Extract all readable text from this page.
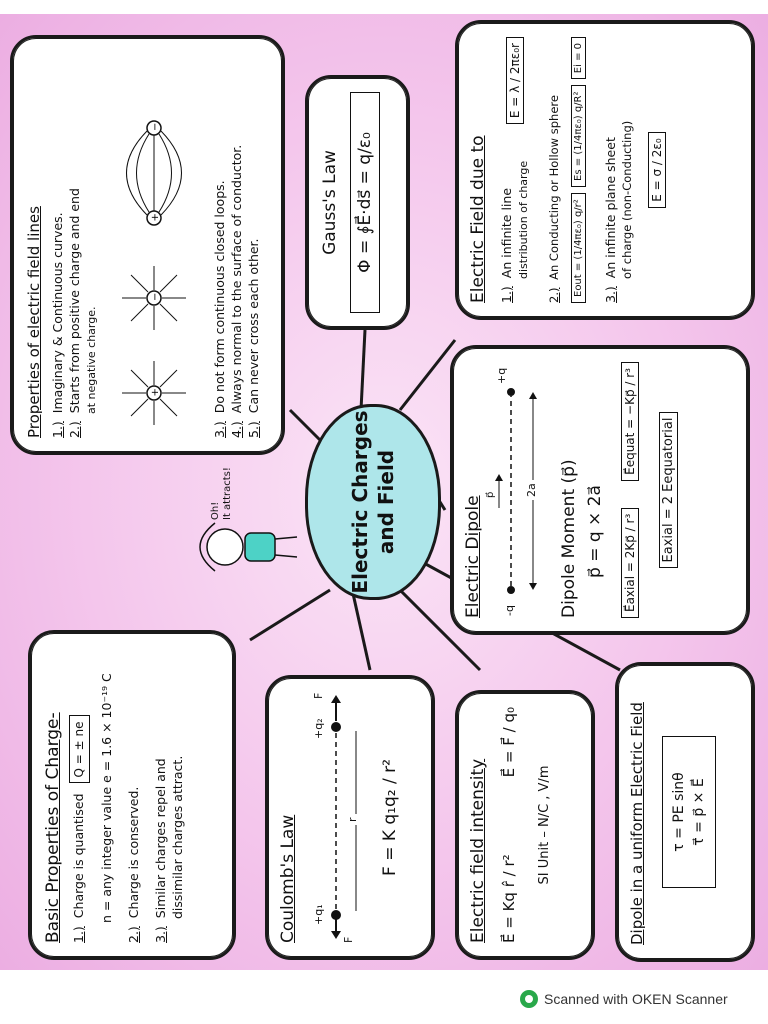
Electric Charges and Field
Oh! It attracts!
Basic Properties of Charge- 1.) Charge is quantised Q = ± ne	n = any integer value e = 1.6 × 10⁻¹⁹ C
2.) Charge is conserved.
3.) Similar charges repel and dissimilar charges attract.	Coulomb's Law	F
+q₁
+q₂
F
r F = K q₁q₂ / r²	Electric field intensity E⃗ = Kq r̂ / r²
E⃗ = F⃗ / q₀
SI Unit – N/C , V/m	Dipole in a uniform Electric Field τ = PE sinθ τ⃗ = p⃗ × E⃗
Properties of electric field lines 1.) Imaginary & Continuous curves.
2.) Starts from positive charge and end at negative charge.	+
−
+
−
3.) Do not form continuous closed loops.
4.) Always normal to the surface of conductor.
5.) Can never cross each other.
Gauss's Law Φ = ∮E⃗·ds⃗ = q/ε₀
Electric Dipole -q
+q
p⃗	2a Dipole Moment (p⃗) p⃗ = q × 2a⃗ E⃗axial = 2Kp⃗ / r³
E⃗equat = −Kp⃗ / r³	Eaxial = 2 Eequatorial
Electric Field due to 1.) An infinite line distribution of charge
E = λ / 2πε₀r
2.) An Conducting or Hollow sphere Eout = (1/4πε₀) q/r²
Es = (1/4πε₀) q/R²
Ei = 0
3.) An infinite plane sheet of charge (non-Conducting)	E = σ / 2ε₀
Scanned with OKEN Scanner
